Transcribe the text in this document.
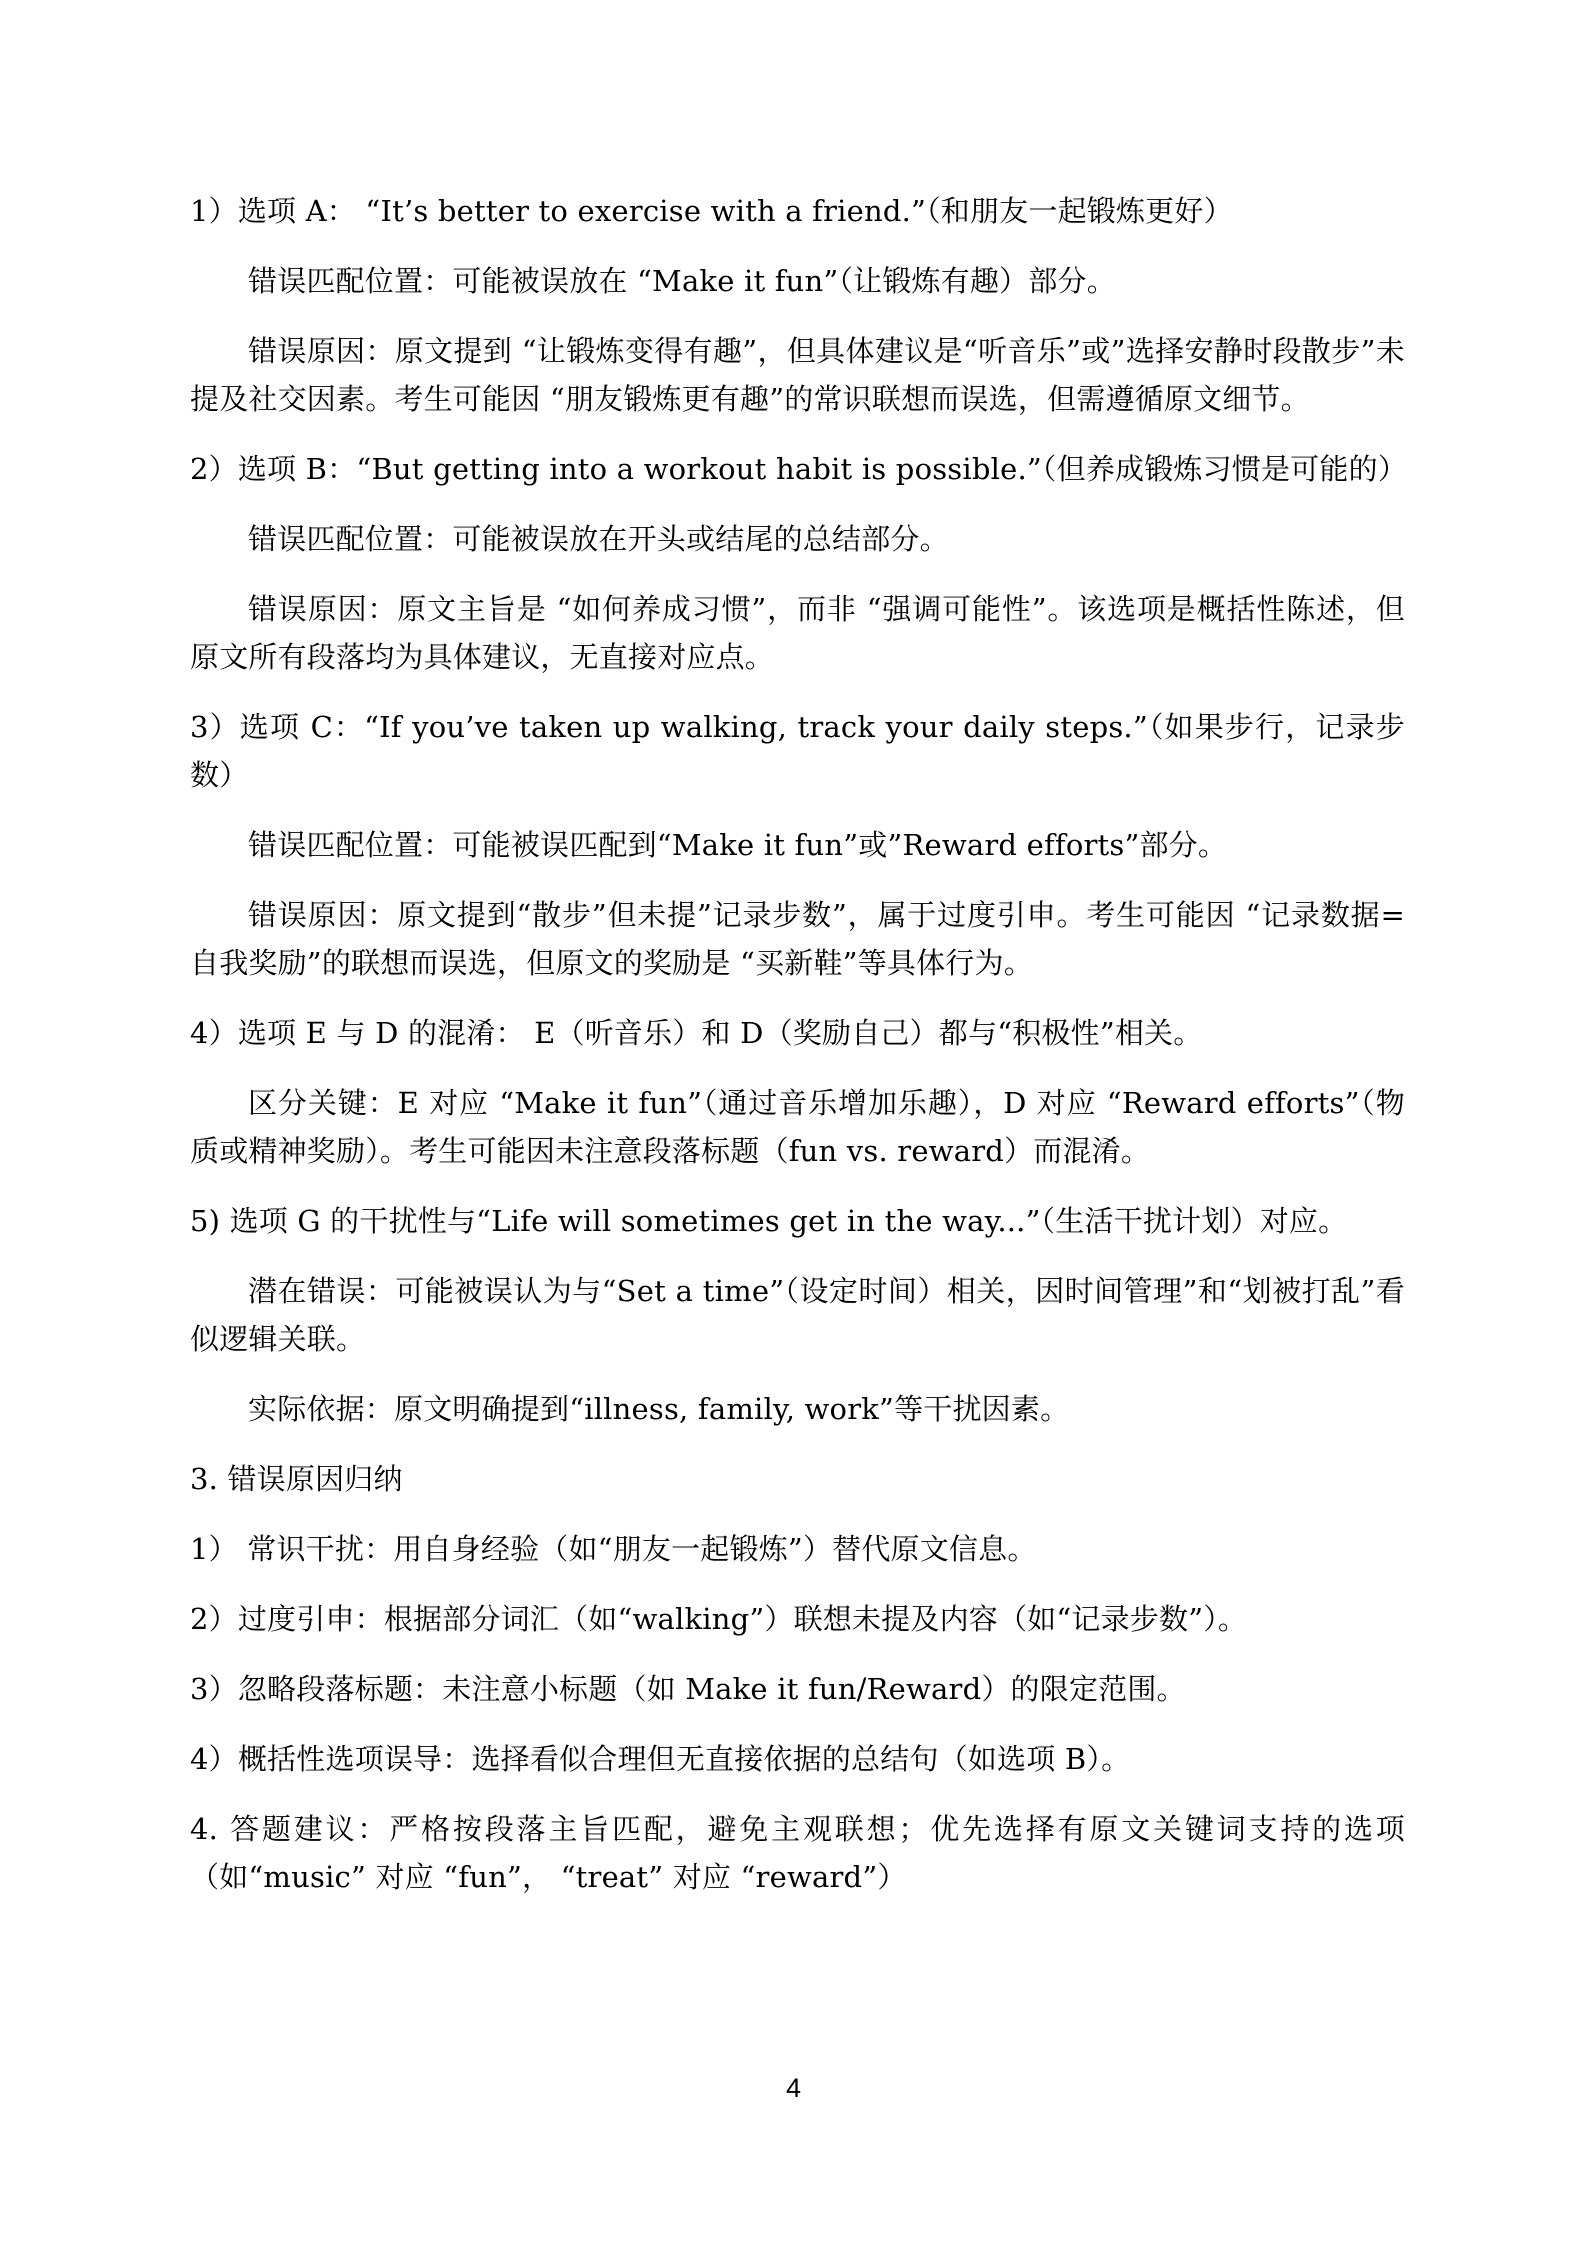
1）选项 A： “It’s better to exercise with a friend.”（和朋友一起锻炼更好）

错误匹配位置：可能被误放在 “Make it fun”（让锻炼有趣）部分。

错误原因：原文提到 “让锻炼变得有趣”，但具体建议是“听音乐”或”选择安静时段散步”未提及社交因素。考生可能因 “朋友锻炼更有趣”的常识联想而误选，但需遵循原文细节。

2）选项 B：“But getting into a workout habit is possible.”（但养成锻炼习惯是可能的）

错误匹配位置：可能被误放在开头或结尾的总结部分。

错误原因：原文主旨是 “如何养成习惯”，而非 “强调可能性”。该选项是概括性陈述，但原文所有段落均为具体建议，无直接对应点。

3）选项 C：“If you’ve taken up walking, track your daily steps.”（如果步行，记录步数）

错误匹配位置：可能被误匹配到“Make it fun”或”Reward efforts”部分。

错误原因：原文提到“散步”但未提”记录步数”，属于过度引申。考生可能因 “记录数据=自我奖励”的联想而误选，但原文的奖励是 “买新鞋”等具体行为。

4）选项 E 与 D 的混淆： E（听音乐）和 D（奖励自己）都与“积极性”相关。

区分关键：E 对应 “Make it fun”（通过音乐增加乐趣），D 对应 “Reward efforts”（物质或精神奖励）。考生可能因未注意段落标题（fun vs. reward）而混淆。

5) 选项 G 的干扰性与“Life will sometimes get in the way...”（生活干扰计划）对应。

潜在错误：可能被误认为与“Set a time”（设定时间）相关，因时间管理”和“划被打乱”看似逻辑关联。

实际依据：原文明确提到“illness, family, work”等干扰因素。

3. 错误原因归纳

1） 常识干扰：用自身经验（如“朋友一起锻炼”）替代原文信息。

2）过度引申：根据部分词汇（如“walking”）联想未提及内容（如“记录步数”）。

3）忽略段落标题：未注意小标题（如 Make it fun/Reward）的限定范围。

4）概括性选项误导：选择看似合理但无直接依据的总结句（如选项 B）。

4. 答题建议：严格按段落主旨匹配，避免主观联想；优先选择有原文关键词支持的选项（如“music” 对应 “fun”， “treat” 对应 “reward”）

4
